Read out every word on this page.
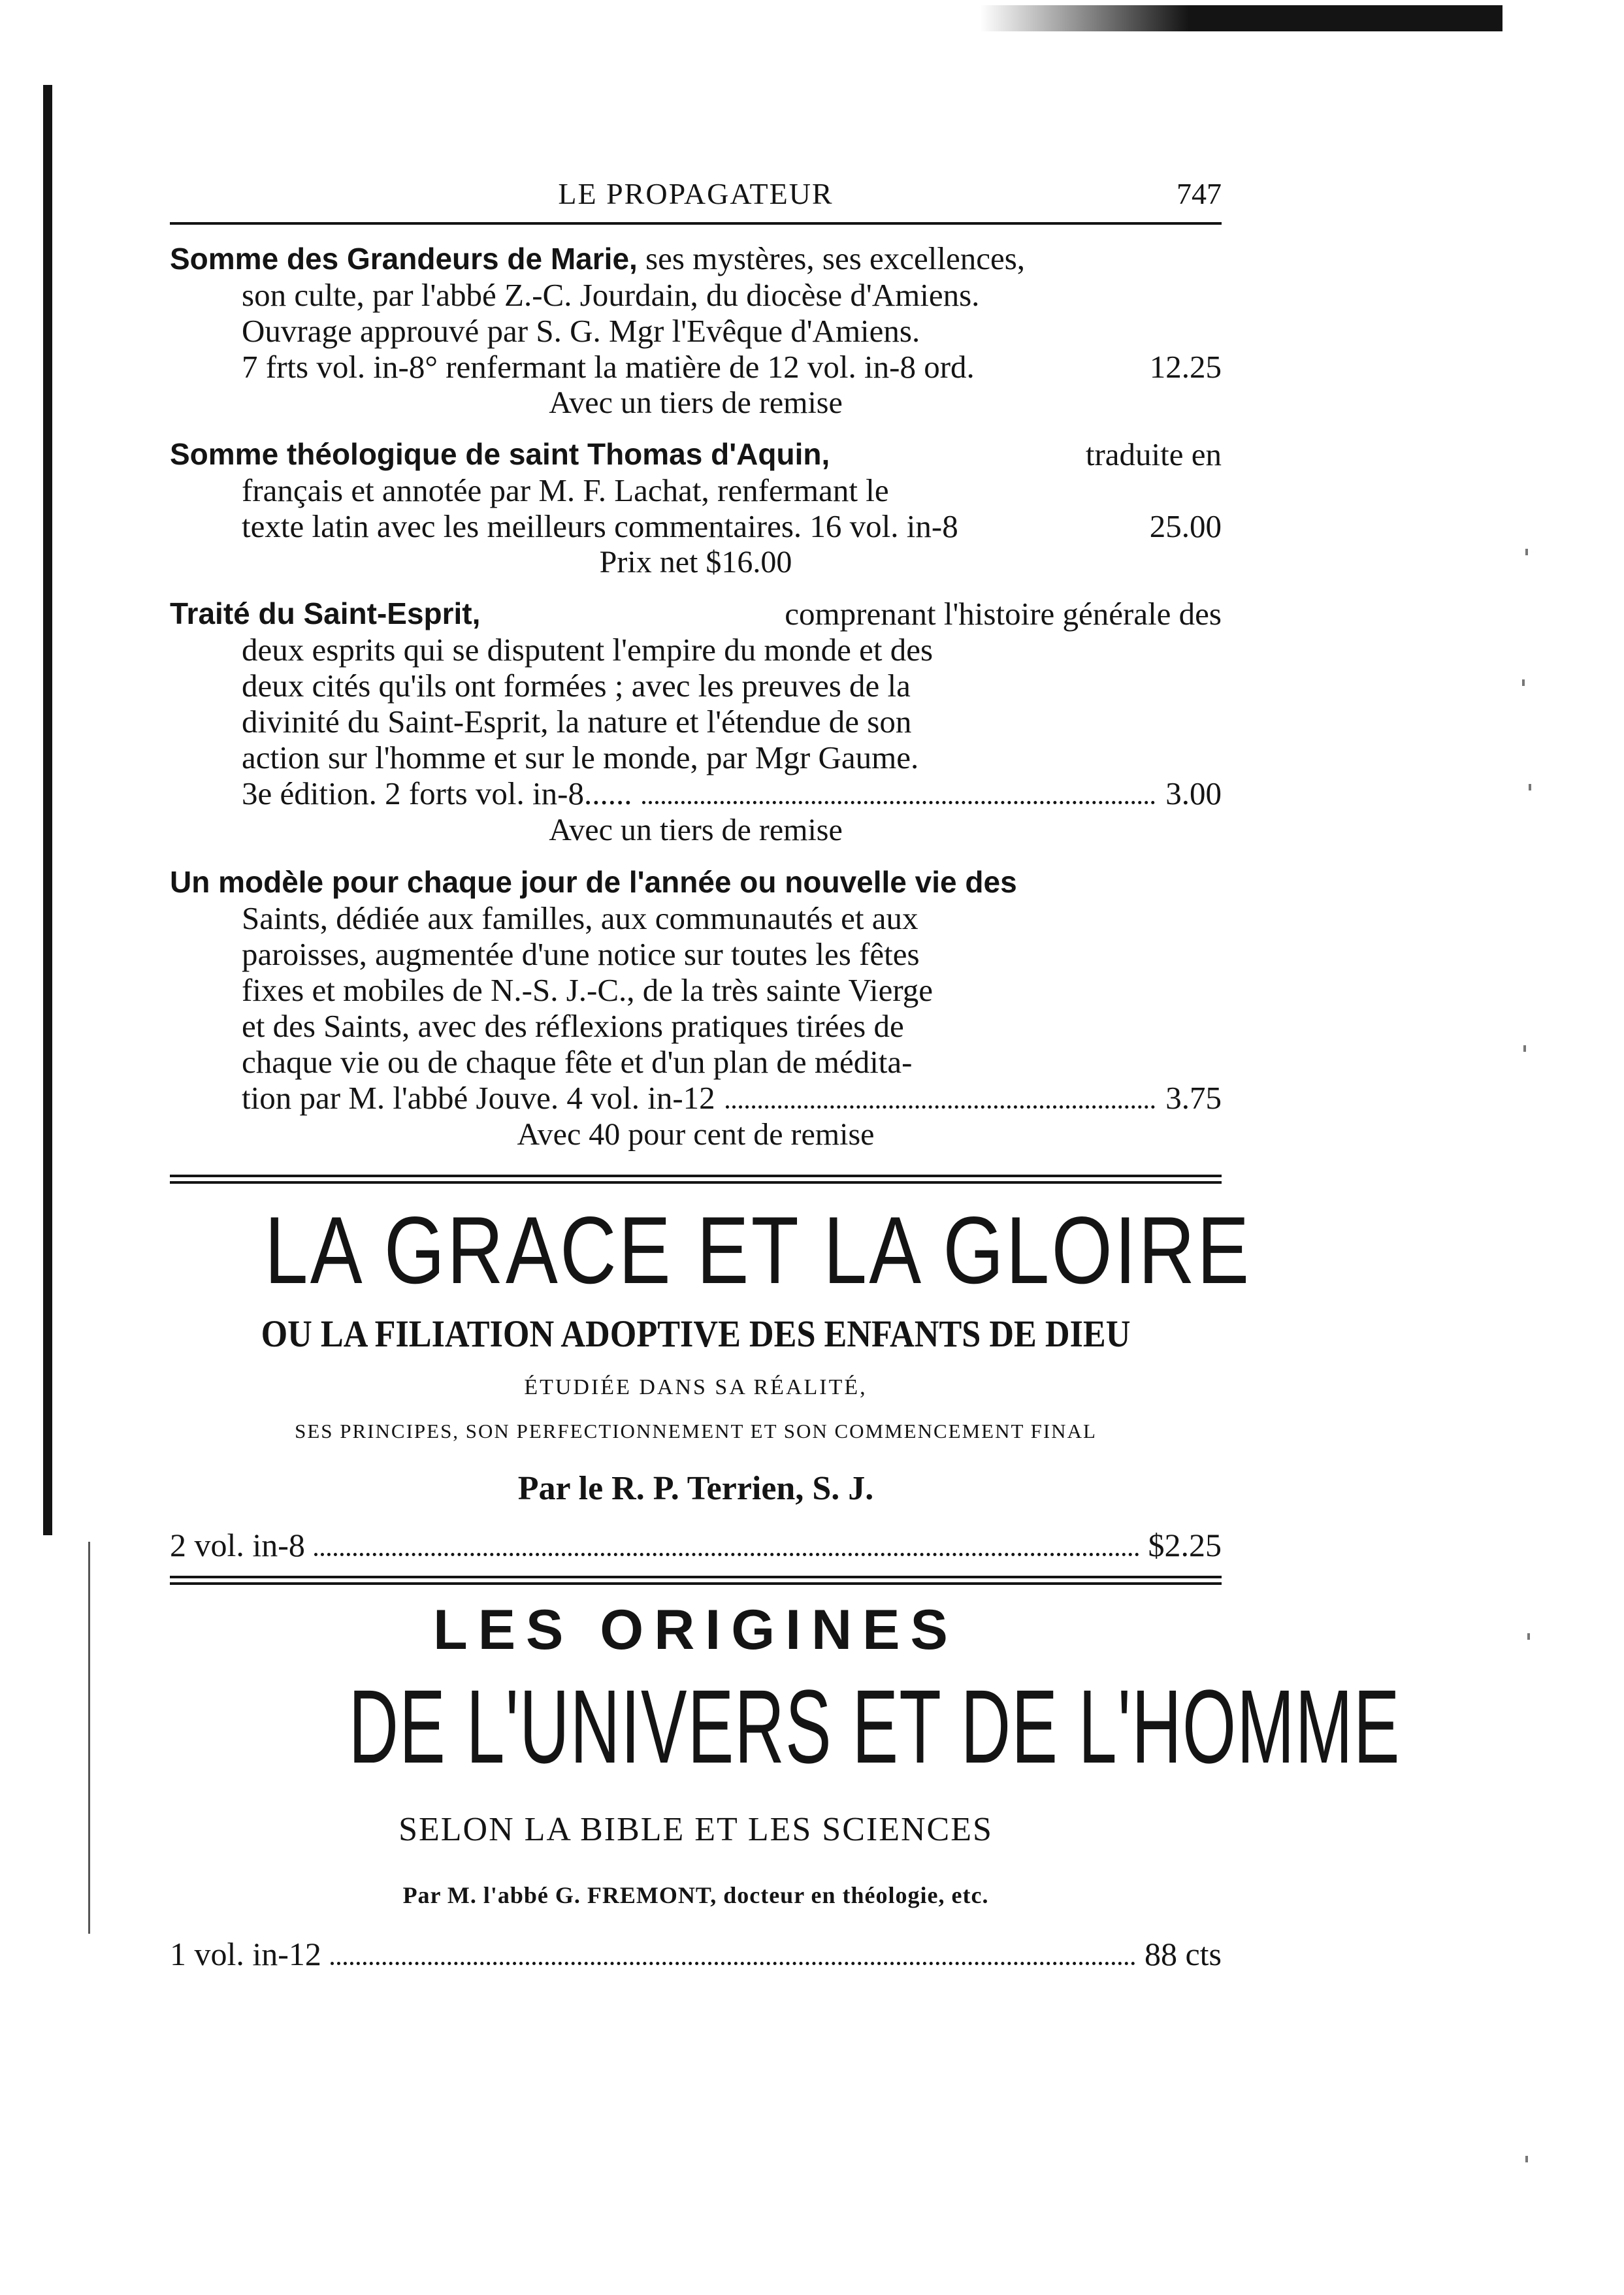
LE PROPAGATEUR	747
Somme des Grandeurs de Marie, ses mystères, ses excellences,
son culte, par l'abbé Z.-C. Jourdain, du diocèse d'Amiens.
Ouvrage approuvé par S. G. Mgr l'Evêque d'Amiens.
7 frts vol. in-8° renfermant la matière de 12 vol. in-8 ord.	12.25
Avec un tiers de remise
Somme théologique de saint Thomas d'Aquin,	traduite en
français et annotée par M. F. Lachat, renfermant le
texte latin avec les meilleurs commentaires. 16 vol. in-8	25.00
Prix net $16.00
Traité du Saint-Esprit,	comprenant l'histoire générale des
deux esprits qui se disputent l'empire du monde et des
deux cités qu'ils ont formées ; avec les preuves de la
divinité du Saint-Esprit, la nature et l'étendue de son
action sur l'homme et sur le monde, par Mgr Gaume.
3e édition. 2 forts vol. in-8......	3.00
Avec un tiers de remise
Un modèle pour chaque jour de l'année ou nouvelle vie des
Saints, dédiée aux familles, aux communautés et aux
paroisses, augmentée d'une notice sur toutes les fêtes
fixes et mobiles de N.-S. J.-C., de la très sainte Vierge
et des Saints, avec des réflexions pratiques tirées de
chaque vie ou de chaque fête et d'un plan de médita-
tion par M. l'abbé Jouve. 4 vol. in-12	3.75
Avec 40 pour cent de remise
LA GRACE ET LA GLOIRE
OU LA FILIATION ADOPTIVE DES ENFANTS DE DIEU
ÉTUDIÉE DANS SA RÉALITÉ,
SES PRINCIPES, SON PERFECTIONNEMENT ET SON COMMENCEMENT FINAL
Par le R. P. Terrien, S. J.
2 vol. in-8	$2.25
LES ORIGINES
DE L'UNIVERS ET DE L'HOMME
SELON LA BIBLE ET LES SCIENCES
Par M. l'abbé G. FREMONT, docteur en théologie, etc.
1 vol. in-12	88 cts
